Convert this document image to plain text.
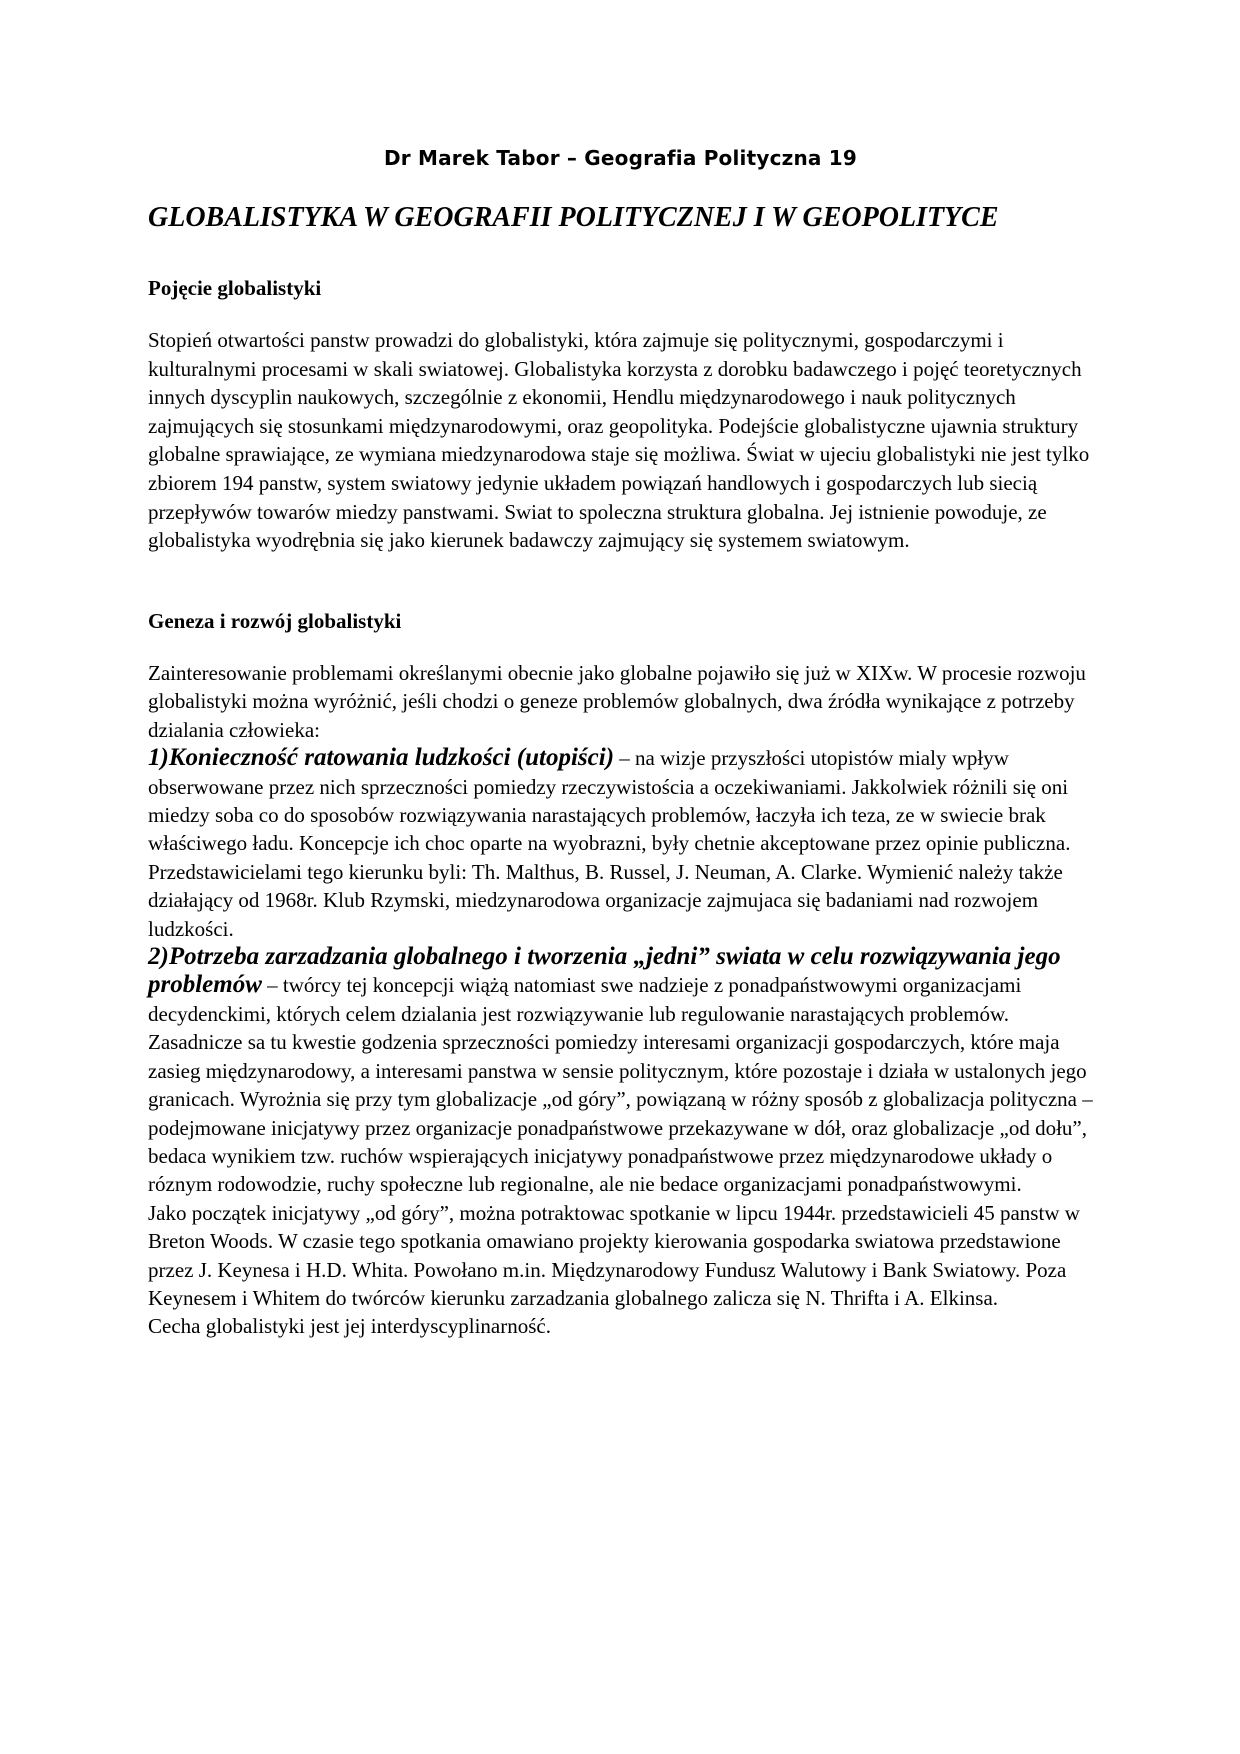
Dr Marek Tabor – Geografia Polityczna 19
GLOBALISTYKA W GEOGRAFII POLITYCZNEJ I W GEOPOLITYCE
Pojęcie globalistyki

Stopień otwartości panstw prowadzi do globalistyki, która zajmuje się politycznymi, gospodarczymi i kulturalnymi procesami w skali swiatowej. Globalistyka korzysta z dorobku badawczego i pojęć teoretycznych innych dyscyplin naukowych, szczególnie z ekonomii, Hendlu międzynarodowego i nauk politycznych zajmujących się stosunkami międzynarodowymi, oraz geopolityka. Podejście globalistyczne ujawnia struktury globalne sprawiające, ze wymiana miedzynarodowa staje się możliwa. Świat w ujeciu globalistyki nie jest tylko zbiorem 194 panstw, system swiatowy jedynie układem powiązań handlowych i gospodarczych lub siecią przepływów towarów miedzy panstwami. Swiat to spoleczna struktura globalna. Jej istnienie powoduje, ze globalistyka wyodrębnia się jako kierunek badawczy zajmujący się systemem swiatowym.

Geneza i rozwój globalistyki
Zainteresowanie problemami określanymi obecnie jako globalne pojawiło się już w XIXw. W procesie rozwoju globalistyki można wyróżnić, jeśli chodzi o geneze problemów globalnych, dwa źródła wynikające z potrzeby dzialania człowieka:
1)Konieczność ratowania ludzkości (utopiści) – na wizje przyszłości utopistów mialy wpływ obserwowane przez nich sprzeczności pomiedzy rzeczywistościa a oczekiwaniami. Jakkolwiek różnili się oni miedzy soba co do sposobów rozwiązywania narastających problemów, łaczyła ich teza, ze w swiecie brak właściwego ładu. Koncepcje ich choc oparte na wyobrazni, były chetnie akceptowane przez opinie publiczna. Przedstawicielami tego kierunku byli: Th. Malthus, B. Russel, J. Neuman, A. Clarke. Wymienić należy także działający od 1968r. Klub Rzymski, miedzynarodowa organizacje zajmujaca się badaniami nad rozwojem ludzkości.
2)Potrzeba zarzadzania globalnego i tworzenia „jedni” swiata w celu rozwiązywania jego problemów – twórcy tej koncepcji wiążą natomiast swe nadzieje z ponadpaństwowymi organizacjami decydenckimi, których celem dzialania jest rozwiązywanie lub regulowanie narastających problemów. Zasadnicze sa tu kwestie godzenia sprzeczności pomiedzy interesami organizacji gospodarczych, które maja zasieg międzynarodowy, a interesami panstwa w sensie politycznym, które pozostaje i działa w ustalonych jego granicach. Wyrożnia się przy tym globalizacje „od góry”, powiązaną w różny sposób z globalizacja polityczna – podejmowane inicjatywy przez organizacje ponadpaństwowe przekazywane w dół, oraz globalizacje „od dołu”, bedaca wynikiem tzw. ruchów wspierających inicjatywy ponadpaństwowe przez międzynarodowe układy o róznym rodowodzie, ruchy społeczne lub regionalne, ale nie bedace organizacjami ponadpaństwowymi.
Jako początek inicjatywy „od góry”, można potraktowac spotkanie w lipcu 1944r. przedstawicieli 45 panstw w Breton Woods. W czasie tego spotkania omawiano projekty kierowania gospodarka swiatowa przedstawione przez J. Keynesa i H.D. Whita. Powołano m.in. Międzynarodowy Fundusz Walutowy i Bank Swiatowy. Poza Keynesem i Whitem do twórców kierunku zarzadzania globalnego zalicza się N. Thrifta i A. Elkinsa.
Cecha globalistyki jest jej interdyscyplinarność.
